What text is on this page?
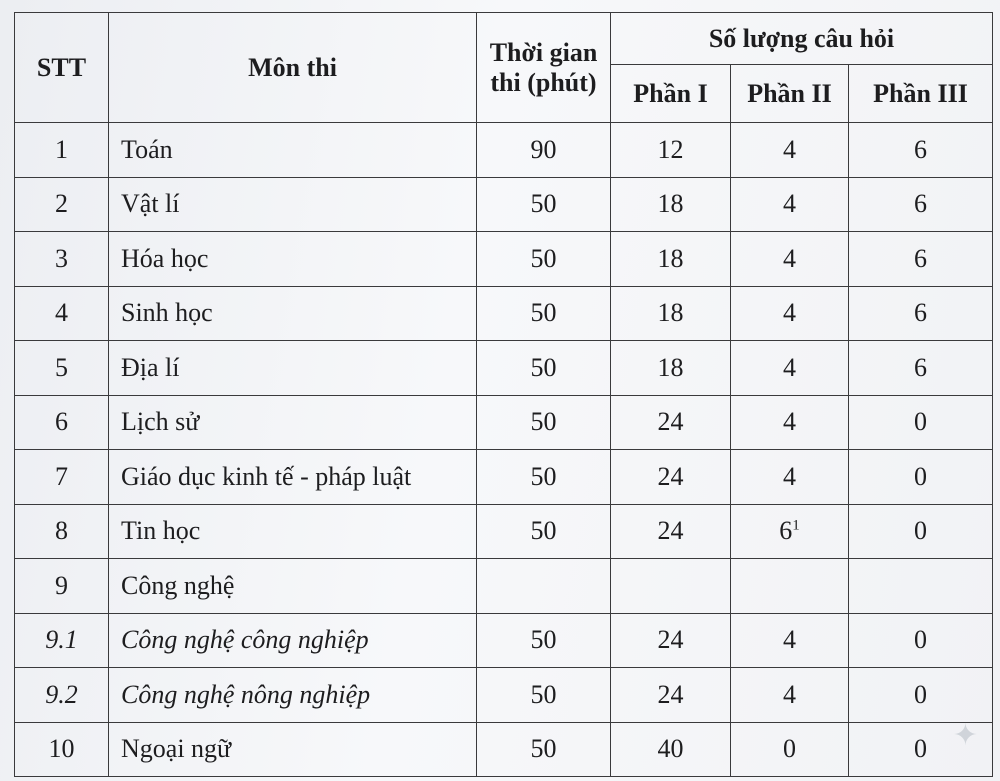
STT	Môn thi	Thời gian
thi (phút)	Số lượng câu hỏi		
			Phần I	Phần II	Phần III
1	Toán	90	12	4	6
2	Vật lí	50	18	4	6
3	Hóa học	50	18	4	6
4	Sinh học	50	18	4	6
5	Địa lí	50	18	4	6
6	Lịch sử	50	24	4	0
7	Giáo dục kinh tế - pháp luật	50	24	4	0
8	Tin học	50	24	$6^1$	0
9	Công nghệ				
9.1	Công nghệ công nghiệp	50	24	4	0
9.2	Công nghệ nông nghiệp	50	24	4	0
10	Ngoại ngữ	50	40	0	0 ✦
